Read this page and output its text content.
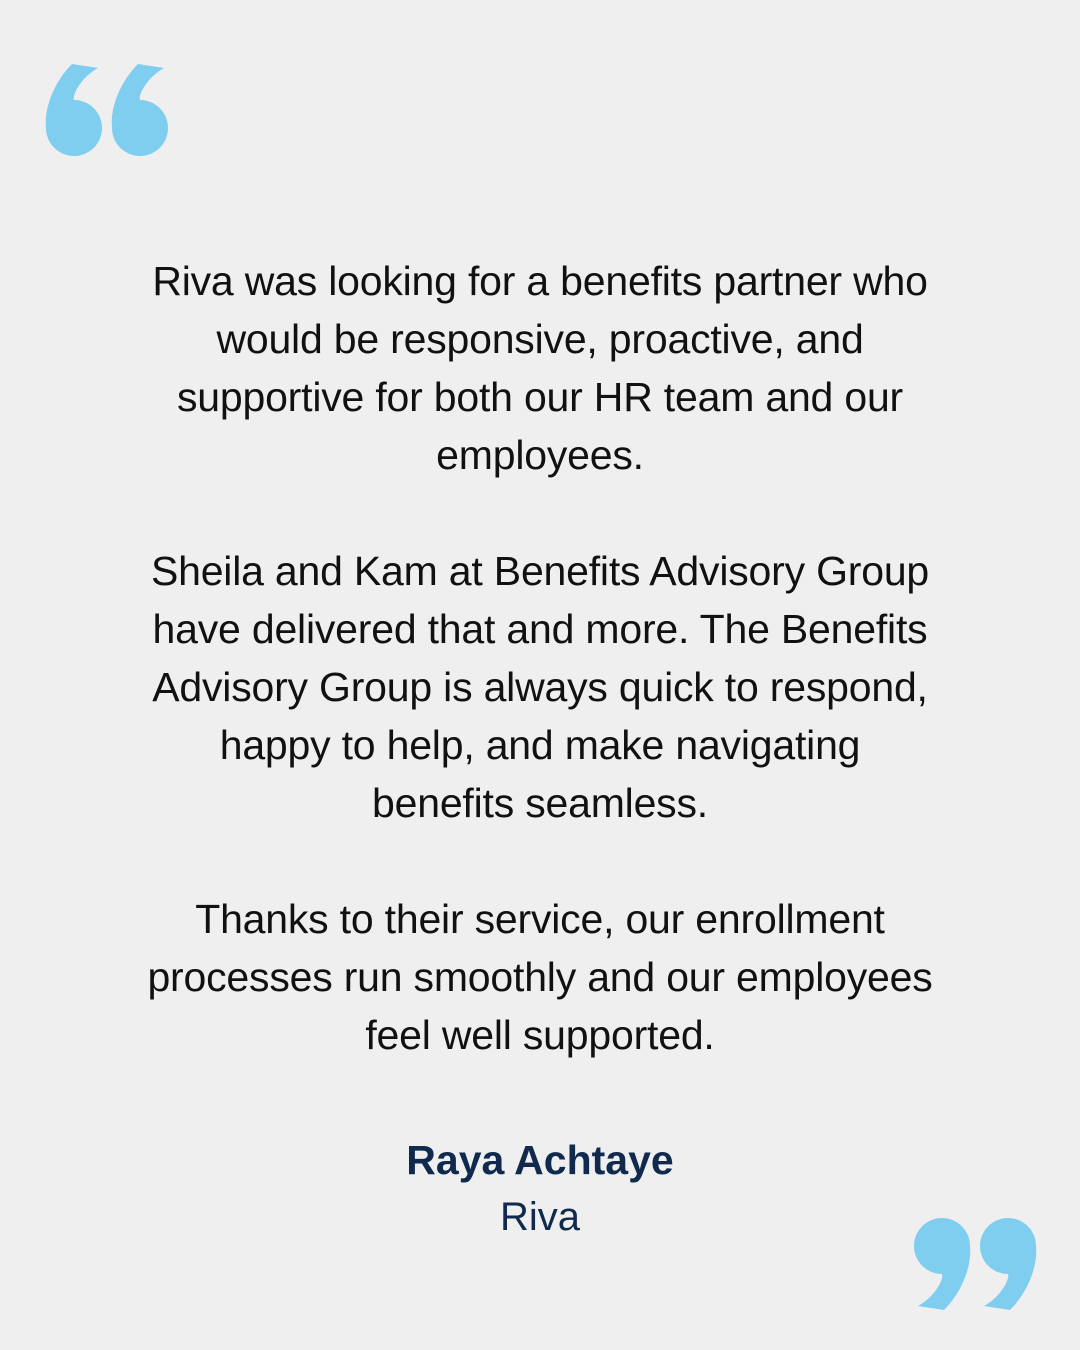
Riva was looking for a benefits partner who
would be responsive, proactive, and
supportive for both our HR team and our
employees.

Sheila and Kam at Benefits Advisory Group
have delivered that and more. The Benefits
Advisory Group is always quick to respond,
happy to help, and make navigating
benefits seamless.

Thanks to their service, our enrollment
processes run smoothly and our employees
feel well supported.

Raya Achtaye

Riva
